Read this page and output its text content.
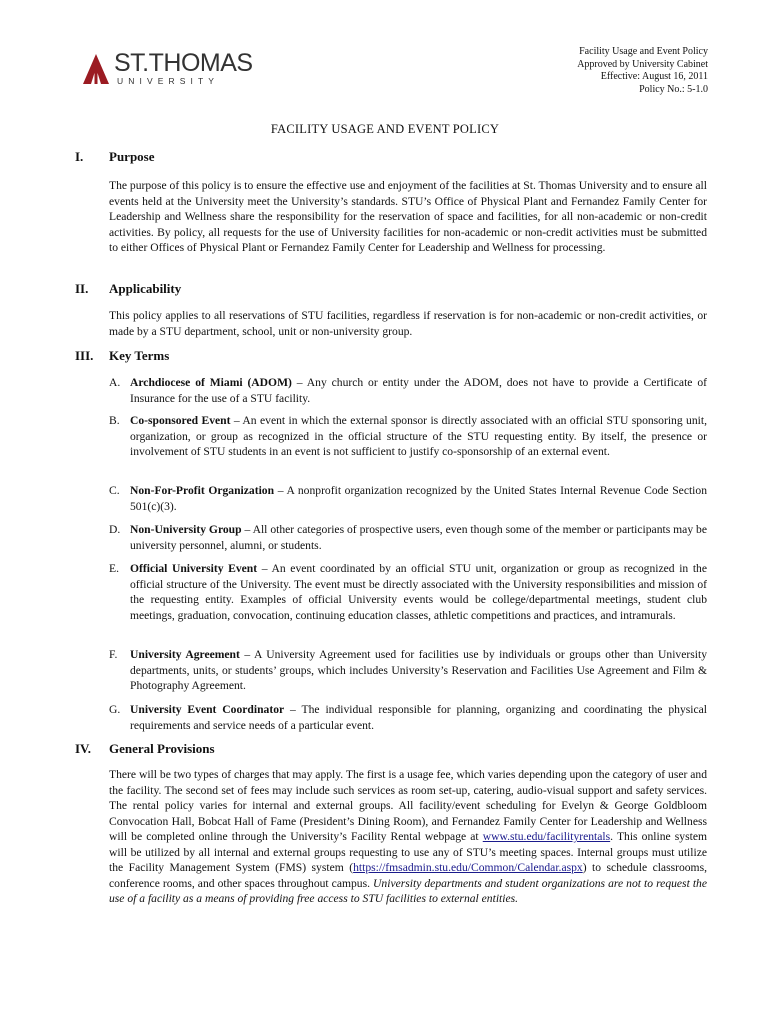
ST.THOMAS
UNIVERSITY
Facility Usage and Event Policy
Approved by University Cabinet
Effective: August 16, 2011
Policy No.: 5-1.0
FACILITY USAGE AND EVENT POLICY
I. Purpose
The purpose of this policy is to ensure the effective use and enjoyment of the facilities at St. Thomas University and to ensure all events held at the University meet the University’s standards. STU’s Office of Physical Plant and Fernandez Family Center for Leadership and Wellness share the responsibility for the reservation of space and facilities, for all non-academic or non-credit activities. By policy, all requests for the use of University facilities for non-academic or non-credit activities must be submitted to either Offices of Physical Plant or Fernandez Family Center for Leadership and Wellness for processing.
II. Applicability
This policy applies to all reservations of STU facilities, regardless if reservation is for non-academic or non-credit activities, or made by a STU department, school, unit or non-university group.
III. Key Terms
A. Archdiocese of Miami (ADOM) – Any church or entity under the ADOM, does not have to provide a Certificate of Insurance for the use of a STU facility.
B. Co-sponsored Event – An event in which the external sponsor is directly associated with an official STU sponsoring unit, organization, or group as recognized in the official structure of the STU requesting entity. By itself, the presence or involvement of STU students in an event is not sufficient to justify co-sponsorship of an external event.
C. Non-For-Profit Organization – A nonprofit organization recognized by the United States Internal Revenue Code Section 501(c)(3).
D. Non-University Group – All other categories of prospective users, even though some of the member or participants may be university personnel, alumni, or students.
E. Official University Event – An event coordinated by an official STU unit, organization or group as recognized in the official structure of the University. The event must be directly associated with the University responsibilities and mission of the requesting entity. Examples of official University events would be college/departmental meetings, student club meetings, graduation, convocation, continuing education classes, athletic competitions and practices, and intramurals.
F. University Agreement – A University Agreement used for facilities use by individuals or groups other than University departments, units, or students’ groups, which includes University’s Reservation and Facilities Use Agreement and Film & Photography Agreement.
G. University Event Coordinator – The individual responsible for planning, organizing and coordinating the physical requirements and service needs of a particular event.
IV. General Provisions
There will be two types of charges that may apply. The first is a usage fee, which varies depending upon the category of user and the facility. The second set of fees may include such services as room set-up, catering, audio-visual support and safety services. The rental policy varies for internal and external groups. All facility/event scheduling for Evelyn & George Goldbloom Convocation Hall, Bobcat Hall of Fame (President’s Dining Room), and Fernandez Family Center for Leadership and Wellness will be completed online through the University’s Facility Rental webpage at www.stu.edu/facilityrentals. This online system will be utilized by all internal and external groups requesting to use any of STU’s meeting spaces. Internal groups must utilize the Facility Management System (FMS) system (https://fmsadmin.stu.edu/Common/Calendar.aspx) to schedule classrooms, conference rooms, and other spaces throughout campus. University departments and student organizations are not to request the use of a facility as a means of providing free access to STU facilities to external entities.
